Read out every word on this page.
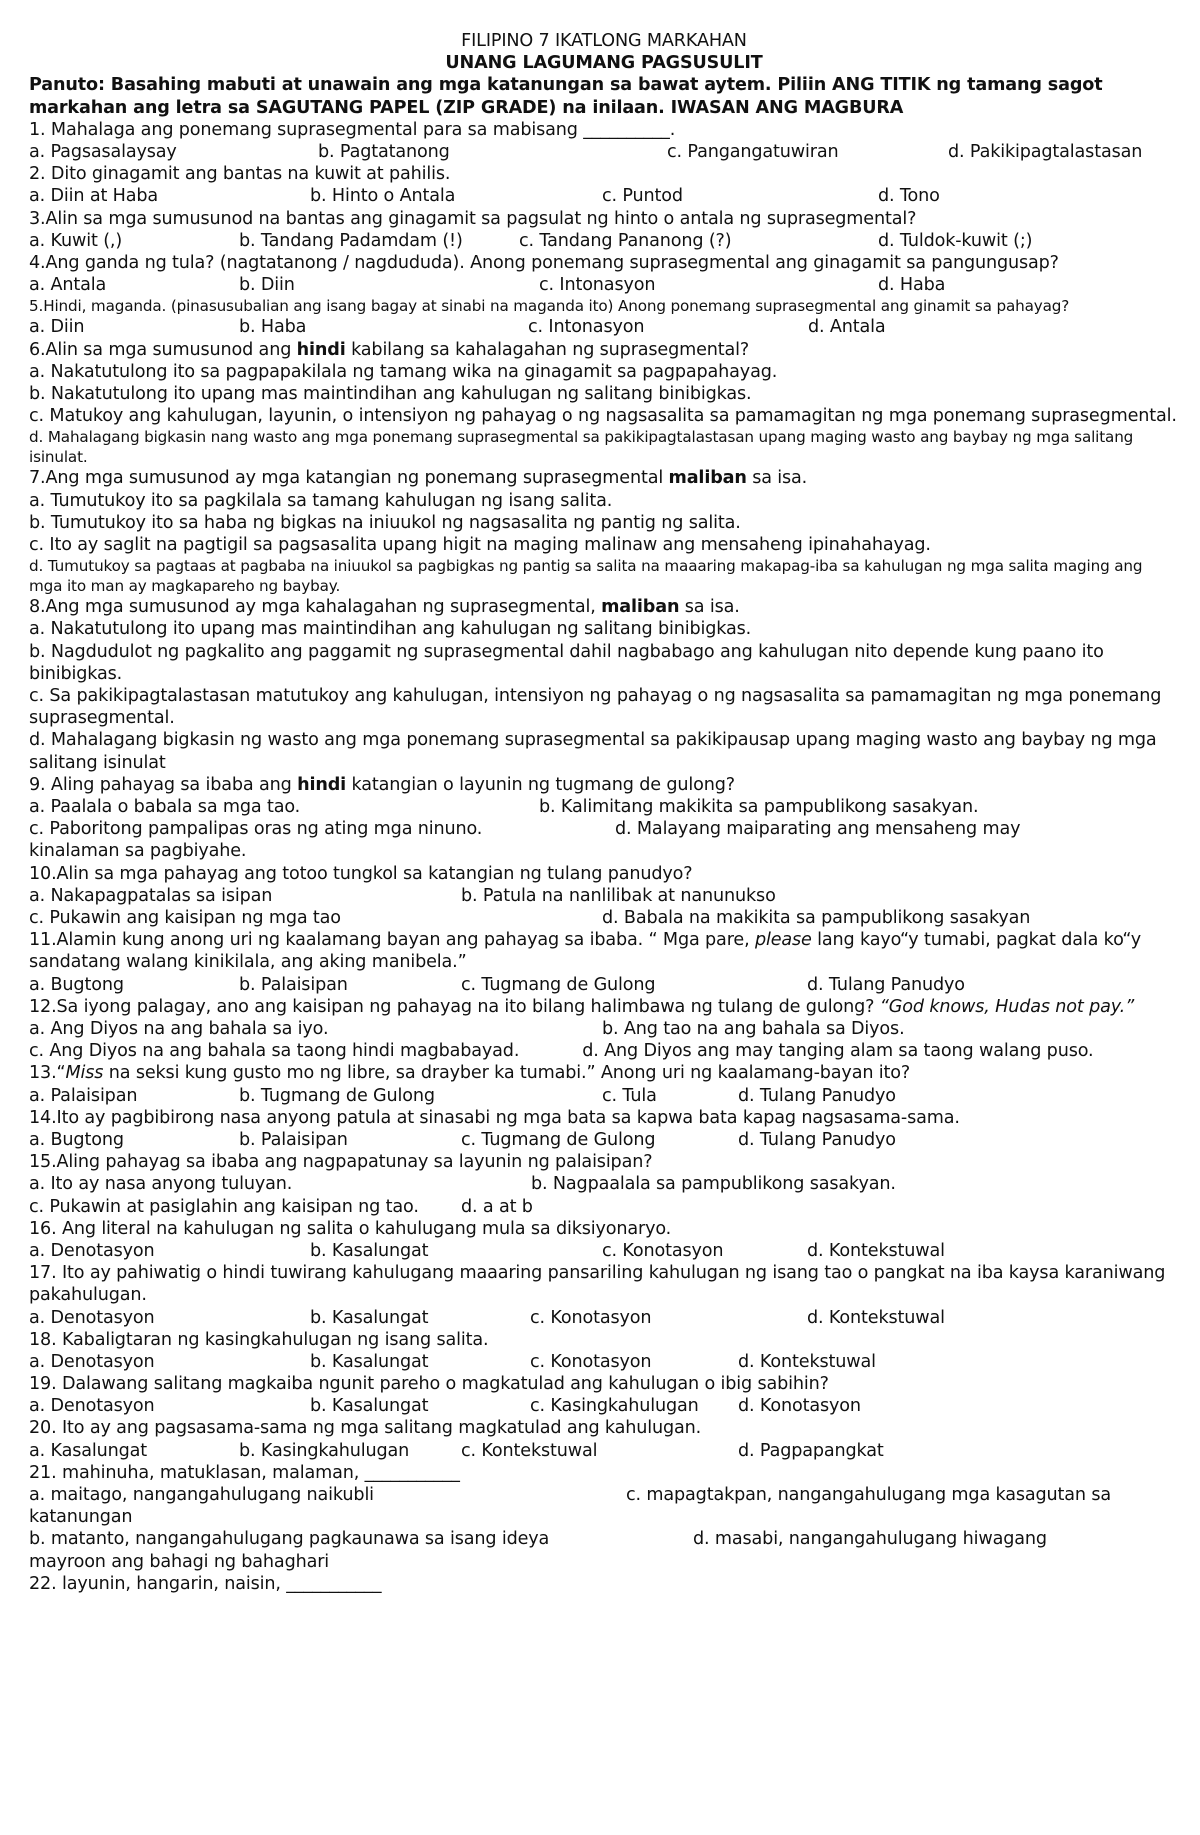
FILIPINO 7 IKATLONG MARKAHAN
UNANG LAGUMANG PAGSUSULIT
Panuto: Basahing mabuti at unawain ang mga katanungan sa bawat aytem. Piliin ANG TITIK ng tamang sagot markahan ang letra sa SAGUTANG PAPEL (ZIP GRADE) na inilaan. IWASAN ANG MAGBURA
1. Mahalaga ang ponemang suprasegmental para sa mabisang __________.
a. Pagsasalaysay	b. Pagtatanong	c. Pangangatuwiran	d. Pakikipagtalastasan
2. Dito ginagamit ang bantas na kuwit at pahilis.
a. Diin at Haba	b. Hinto o Antala	c. Puntod	d. Tono
3.Alin sa mga sumusunod na bantas ang ginagamit sa pagsulat ng hinto o antala ng suprasegmental?
a. Kuwit (,)	b. Tandang Padamdam (!)	c. Tandang Pananong (?)	d. Tuldok-kuwit (;)
4.Ang ganda ng tula? (nagtatanong / nagdududa). Anong ponemang suprasegmental ang ginagamit sa pangungusap?
a. Antala	b. Diin	c. Intonasyon	d. Haba
5.Hindi, maganda. (pinasusubalian ang isang bagay at sinabi na maganda ito) Anong ponemang suprasegmental ang ginamit sa pahayag?
a. Diin	b. Haba	c. Intonasyon	d. Antala
6.Alin sa mga sumusunod ang hindi kabilang sa kahalagahan ng suprasegmental?
a. Nakatutulong ito sa pagpapakilala ng tamang wika na ginagamit sa pagpapahayag.
b. Nakatutulong ito upang mas maintindihan ang kahulugan ng salitang binibigkas.
c. Matukoy ang kahulugan, layunin, o intensiyon ng pahayag o ng nagsasalita sa pamamagitan ng mga ponemang suprasegmental.
d. Mahalagang bigkasin nang wasto ang mga ponemang suprasegmental sa pakikipagtalastasan upang maging wasto ang baybay ng mga salitang isinulat.
7.Ang mga sumusunod ay mga katangian ng ponemang suprasegmental maliban sa isa.
a. Tumutukoy ito sa pagkilala sa tamang kahulugan ng isang salita.
b. Tumutukoy ito sa haba ng bigkas na iniuukol ng nagsasalita ng pantig ng salita.
c. Ito ay saglit na pagtigil sa pagsasalita upang higit na maging malinaw ang mensaheng ipinahahayag.
d. Tumutukoy sa pagtaas at pagbaba na iniuukol sa pagbigkas ng pantig sa salita na maaaring makapag-iba sa kahulugan ng mga salita maging ang mga ito man ay magkapareho ng baybay.
8.Ang mga sumusunod ay mga kahalagahan ng suprasegmental, maliban sa isa.
a. Nakatutulong ito upang mas maintindihan ang kahulugan ng salitang binibigkas.
b. Nagdudulot ng pagkalito ang paggamit ng suprasegmental dahil nagbabago ang kahulugan nito depende kung paano ito binibigkas.
c. Sa pakikipagtalastasan matutukoy ang kahulugan, intensiyon ng pahayag o ng nagsasalita sa pamamagitan ng mga ponemang suprasegmental.
d. Mahalagang bigkasin ng wasto ang mga ponemang suprasegmental sa pakikipausap upang maging wasto ang baybay ng mga salitang isinulat
9. Aling pahayag sa ibaba ang hindi katangian o layunin ng tugmang de gulong?
a. Paalala o babala sa mga tao.	b. Kalimitang makikita sa pampublikong sasakyan.
c. Paboritong pampalipas oras ng ating mga ninuno.	d. Malayang maiparating ang mensaheng may
kinalaman sa pagbiyahe.
10.Alin sa mga pahayag ang totoo tungkol sa katangian ng tulang panudyo?
a. Nakapagpatalas sa isipan	b. Patula na nanlilibak at nanunukso
c. Pukawin ang kaisipan ng mga tao	d. Babala na makikita sa pampublikong sasakyan
11.Alamin kung anong uri ng kaalamang bayan ang pahayag sa ibaba. “ Mga pare, please lang kayo“y tumabi, pagkat dala ko“y sandatang walang kinikilala, ang aking manibela.”
a. Bugtong	b. Palaisipan	c. Tugmang de Gulong	d. Tulang Panudyo
12.Sa iyong palagay, ano ang kaisipan ng pahayag na ito bilang halimbawa ng tulang de gulong? “God knows, Hudas not pay.”
a. Ang Diyos na ang bahala sa iyo.	b. Ang tao na ang bahala sa Diyos.
c. Ang Diyos na ang bahala sa taong hindi magbabayad.	d. Ang Diyos ang may tanging alam sa taong walang puso.
13.“Miss na seksi kung gusto mo ng libre, sa drayber ka tumabi.” Anong uri ng kaalamang-bayan ito?
a. Palaisipan	b. Tugmang de Gulong	c. Tula	d. Tulang Panudyo
14.Ito ay pagbibirong nasa anyong patula at sinasabi ng mga bata sa kapwa bata kapag nagsasama-sama.
a. Bugtong	b. Palaisipan	c. Tugmang de Gulong	d. Tulang Panudyo
15.Aling pahayag sa ibaba ang nagpapatunay sa layunin ng palaisipan?
a. Ito ay nasa anyong tuluyan.	b. Nagpaalala sa pampublikong sasakyan.
c. Pukawin at pasiglahin ang kaisipan ng tao. d. a at b
16. Ang literal na kahulugan ng salita o kahulugang mula sa diksiyonaryo.
a. Denotasyon	b. Kasalungat	c. Konotasyon	d. Kontekstuwal
17. Ito ay pahiwatig o hindi tuwirang kahulugang maaaring pansariling kahulugan ng isang tao o pangkat na iba kaysa karaniwang pakahulugan.
a. Denotasyon	b. Kasalungat	c. Konotasyon	d. Kontekstuwal
18. Kabaligtaran ng kasingkahulugan ng isang salita.
a. Denotasyon	b. Kasalungat	c. Konotasyon	d. Kontekstuwal
19. Dalawang salitang magkaiba ngunit pareho o magkatulad ang kahulugan o ibig sabihin?
a. Denotasyon	b. Kasalungat	c. Kasingkahulugan d. Konotasyon
20. Ito ay ang pagsasama-sama ng mga salitang magkatulad ang kahulugan.
a. Kasalungat	b. Kasingkahulugan	c. Kontekstuwal	d. Pagpapangkat
21. mahinuha, matuklasan, malaman, ___________
a. maitago, nangangahulugang naikubli	c. mapagtakpan, nangangahulugang mga kasagutan sa
katanungan
b. matanto, nangangahulugang pagkaunawa sa isang ideya	d. masabi, nangangahulugang hiwagang
mayroon ang bahagi ng bahaghari
22. layunin, hangarin, naisin, ___________
